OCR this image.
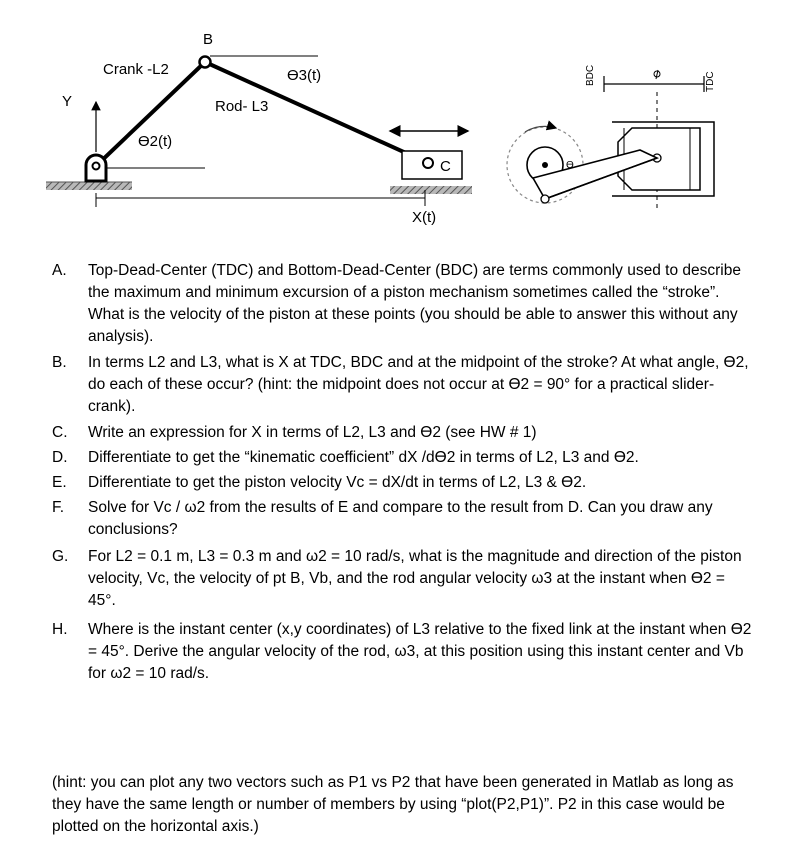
B
Crank -L2	ϴ3(t)
Y	Rod- L3
ϴ2(t)
C
X(t)
BDC	TDC
ϴ
A. Top-Dead-Center (TDC) and Bottom-Dead-Center (BDC) are terms commonly used to describe the maximum and minimum excursion of a piston mechanism sometimes called the “stroke”. What is the velocity of the piston at these points (you should be able to answer this without any analysis).
B. In terms L2 and L3, what is X at TDC, BDC and at the midpoint of the stroke? At what angle, ϴ2, do each of these occur? (hint: the midpoint does not occur at ϴ2 = 90° for a practical slider-crank).
C. Write an expression for X in terms of L2, L3 and ϴ2 (see HW # 1)
D. Differentiate to get the “kinematic coefficient” dX /dϴ2 in terms of L2, L3 and ϴ2.
E. Differentiate to get the piston velocity Vc = dX/dt in terms of L2, L3 & ϴ2.
F. Solve for Vc / ω2 from the results of E and compare to the result from D. Can you draw any conclusions?
G. For L2 = 0.1 m, L3 = 0.3 m and ω2 = 10 rad/s, what is the magnitude and direction of the piston velocity, Vc, the velocity of pt B, Vb, and the rod angular velocity ω3 at the instant when ϴ2 = 45°.
H. Where is the instant center (x,y coordinates) of L3 relative to the fixed link at the instant when ϴ2 = 45°. Derive the angular velocity of the rod, ω3, at this position using this instant center and Vb for ω2 = 10 rad/s.

(hint: you can plot any two vectors such as P1 vs P2 that have been generated in Matlab as long as they have the same length or number of members by using “plot(P2,P1)”. P2 in this case would be plotted on the horizontal axis.)
